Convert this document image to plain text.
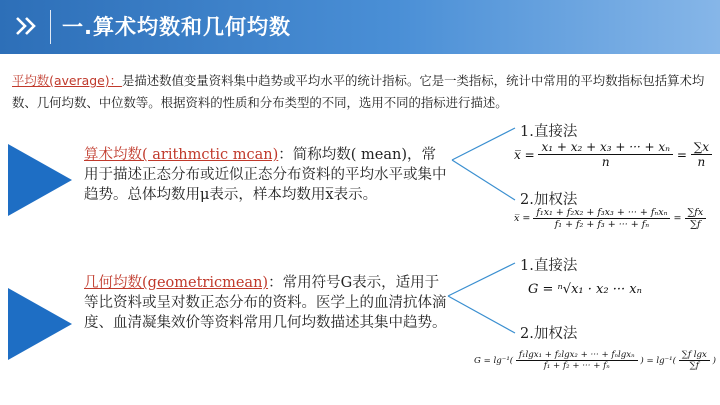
一.算术均数和几何均数
平均数(average)：是描述数值变量资料集中趋势或平均水平的统计指标。它是一类指标，统计中常用的平均数指标包括算术均数、几何均数、中位数等。根据资料的性质和分布类型的不同，选用不同的指标进行描述。
算术均数( arithmctic mcan)：简称均数( mean)，常用于描述正态分布或近似正态分布资料的平均水平或集中趋势。总体均数用μ表示，样本均数用x̅表示。
几何均数(geometricmean)：常用符号G表示，适用于等比资料或呈对数正态分布的资料。医学上的血清抗体滴度、血清凝集效价等资料常用几何均数描述其集中趋势。
1.直接法
x̅ = $\frac{\text{x₁ + x₂ + x₃ + ··· + xₙ}}{n} = \frac{\sum x}{n}$
2.加权法
x̅ = $\frac{\text{f₁x₁ + f₂x₂ + f₃x₃ + ··· + fₙxₙ}}{\text{f₁ + f₂ + f₃ + ··· + fₙ}} = \frac{\sum fx}{\sum f}$
1.直接法
G = ⁿ√x₁ · x₂ ··· xₙ
2.加权法
$G = \lg^{-1}( \frac{\text{f₁lgx₁ + f₂lgx₂ + ··· + fₙlgxₙ}}{\text{f₁ + f₂ + ··· + fₙ}}$ ) = $\lg^{-1}( \frac{\text{∑f lgx}}{\sum f}$ )
